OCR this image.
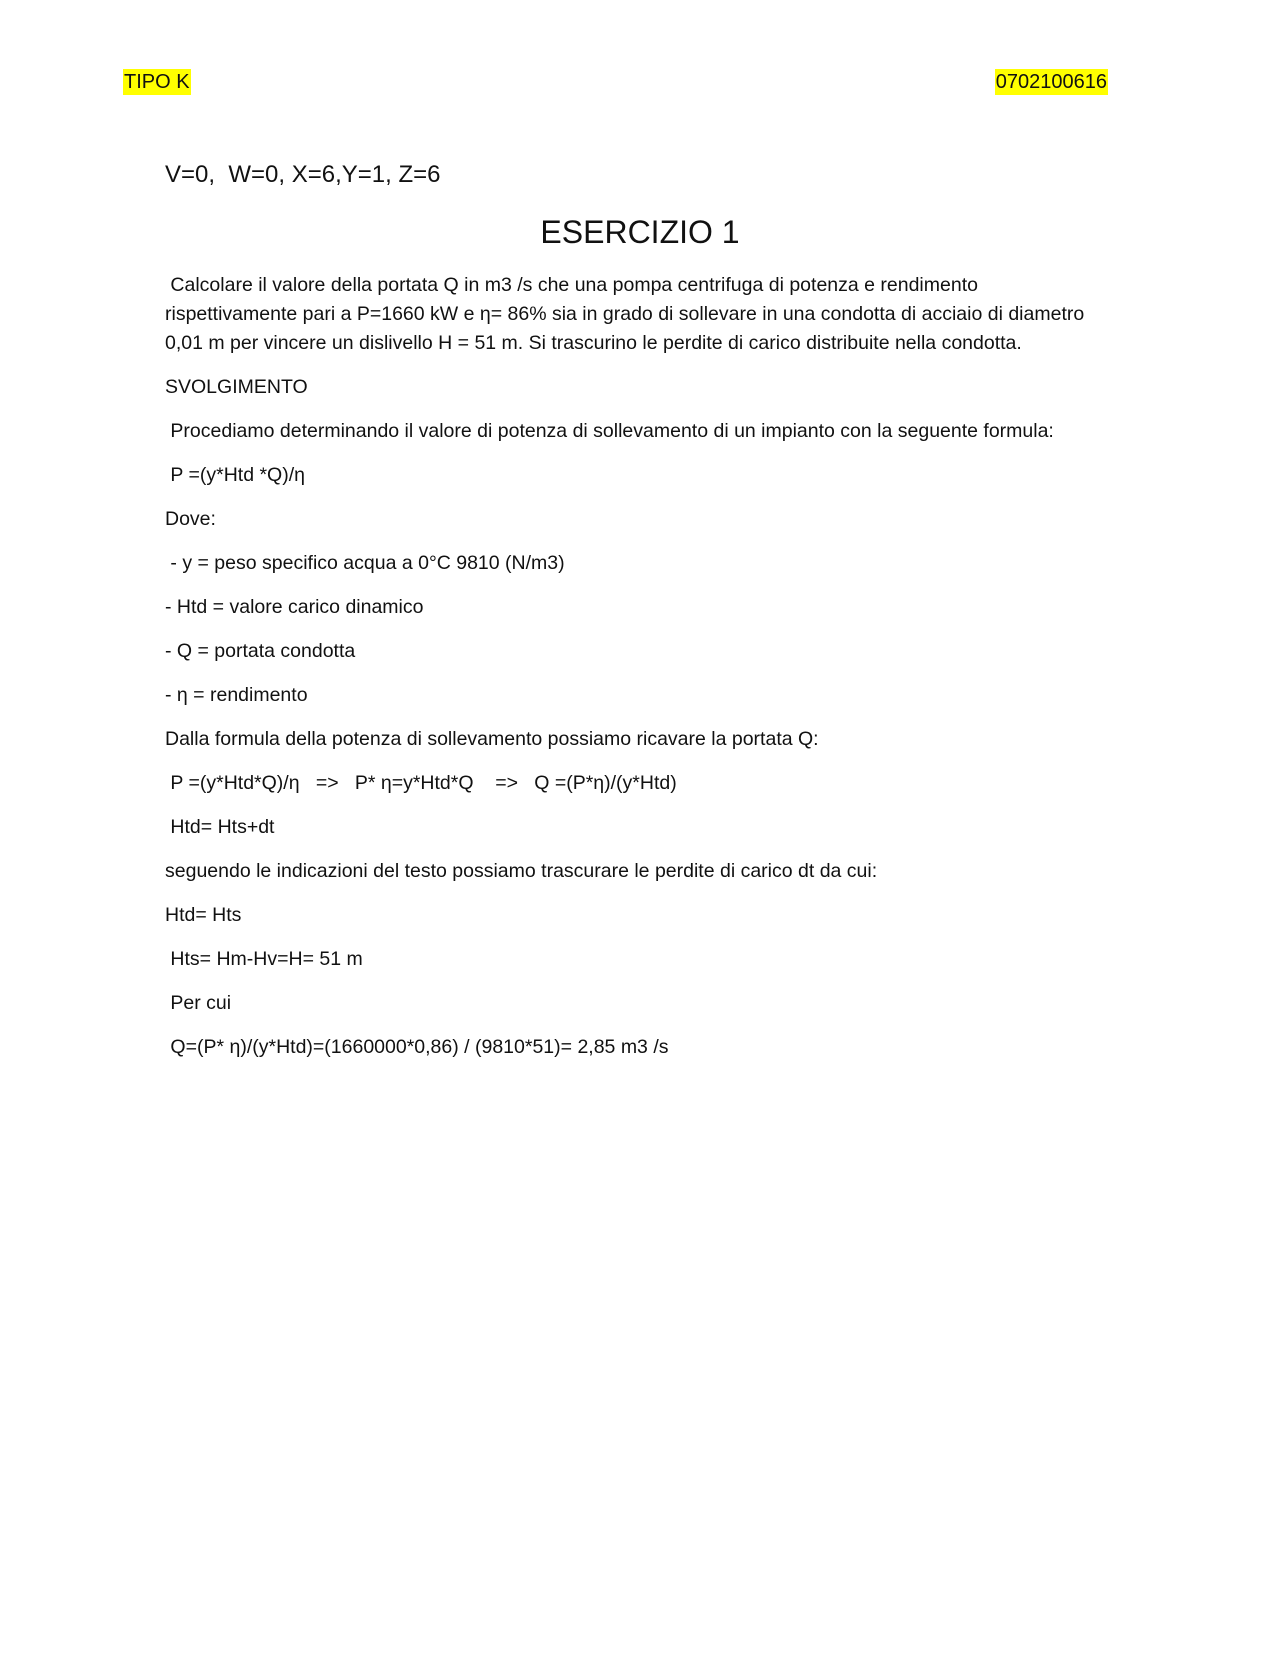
TIPO K	0702100616
V=0,  W=0, X=6,Y=1, Z=6
ESERCIZIO 1
Calcolare il valore della portata Q in m3 /s che una pompa centrifuga di potenza e rendimento
rispettivamente pari a P=1660 kW e η= 86% sia in grado di sollevare in una condotta di acciaio di diametro
0,01 m per vincere un dislivello H = 51 m. Si trascurino le perdite di carico distribuite nella condotta.
SVOLGIMENTO
Procediamo determinando il valore di potenza di sollevamento di un impianto con la seguente formula:
P =(y*Htd *Q)/η
Dove:
- y = peso specifico acqua a 0°C 9810 (N/m3)
- Htd = valore carico dinamico
- Q = portata condotta
- η = rendimento
Dalla formula della potenza di sollevamento possiamo ricavare la portata Q:
P =(y*Htd*Q)/η   =>   P* η=y*Htd*Q    =>   Q =(P*η)/(y*Htd)
Htd= Hts+dt
seguendo le indicazioni del testo possiamo trascurare le perdite di carico dt da cui:
Htd= Hts
Hts= Hm-Hv=H= 51 m
Per cui
Q=(P* η)/(y*Htd)=(1660000*0,86) / (9810*51)= 2,85 m3 /s
